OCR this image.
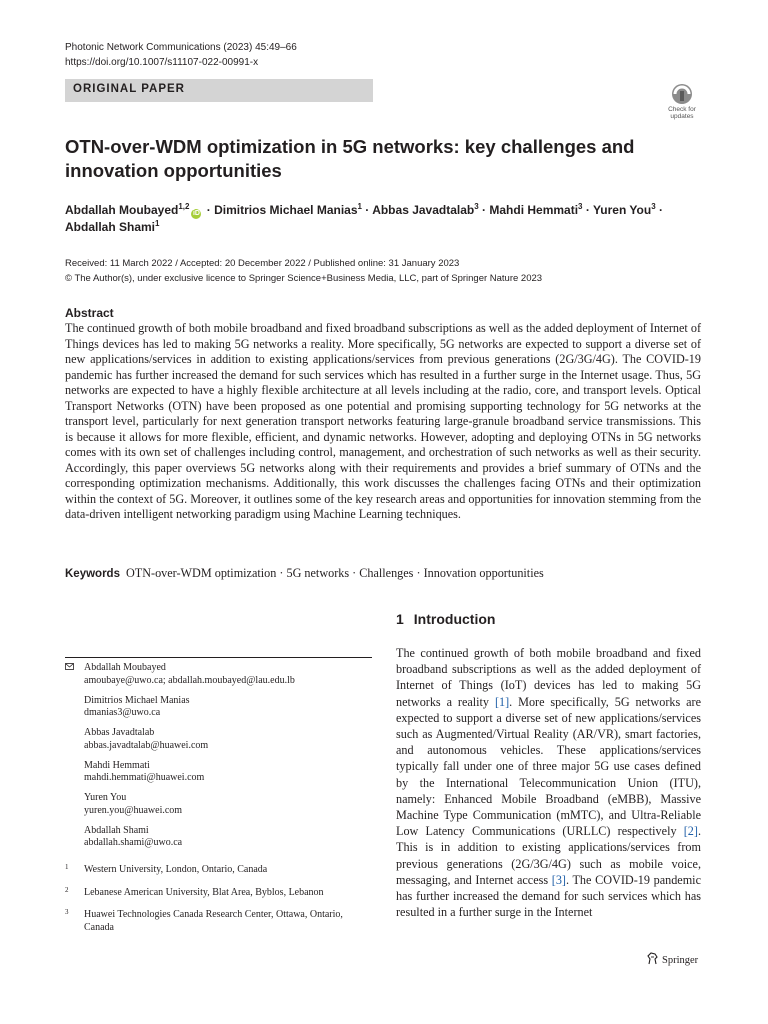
Photonic Network Communications (2023) 45:49–66
https://doi.org/10.1007/s11107-022-00991-x
ORIGINAL PAPER
Check for
updates
OTN-over-WDM optimization in 5G networks: key challenges and innovation opportunities
Abdallah Moubayed$^{1,2}$iD · Dimitrios Michael Manias$^1$ · Abbas Javadtalab$^3$ · Mahdi Hemmati$^3$ · Yuren You$^3$ · Abdallah Shami$^1$
Received: 11 March 2022 / Accepted: 20 December 2022 / Published online: 31 January 2023
© The Author(s), under exclusive licence to Springer Science+Business Media, LLC, part of Springer Nature 2023
Abstract
The continued growth of both mobile broadband and fixed broadband subscriptions as well as the added deployment of Internet of Things devices has led to making 5G networks a reality. More specifically, 5G networks are expected to support a diverse set of new applications/services in addition to existing applications/services from previous generations (2G/3G/4G). The COVID-19 pandemic has further increased the demand for such services which has resulted in a further surge in the Internet usage. Thus, 5G networks are expected to have a highly flexible architecture at all levels including at the radio, core, and transport levels. Optical Transport Networks (OTN) have been proposed as one potential and promising supporting technology for 5G networks at the transport level, particularly for next generation transport networks featuring large-granule broadband service transmissions. This is because it allows for more flexible, efficient, and dynamic networks. However, adopting and deploying OTNs in 5G networks comes with its own set of challenges including control, management, and orchestration of such networks as well as their security. Accordingly, this paper overviews 5G networks along with their requirements and provides a brief summary of OTNs and the corresponding optimization mechanisms. Additionally, this work discusses the challenges facing OTNs and their optimization within the context of 5G. Moreover, it outlines some of the key research areas and opportunities for innovation stemming from the data-driven intelligent networking paradigm using Machine Learning techniques.
Keywords OTN-over-WDM optimization · 5G networks · Challenges · Innovation opportunities
Abdallah Moubayed
amoubaye@uwo.ca; abdallah.moubayed@lau.edu.lb
Dimitrios Michael Manias
dmanias3@uwo.ca
Abbas Javadtalab
abbas.javadtalab@huawei.com
Mahdi Hemmati
mahdi.hemmati@huawei.com
Yuren You
yuren.you@huawei.com
Abdallah Shami
abdallah.shami@uwo.ca
1 Western University, London, Ontario, Canada
2 Lebanese American University, Blat Area, Byblos, Lebanon
3 Huawei Technologies Canada Research Center, Ottawa, Ontario, Canada
1 Introduction
The continued growth of both mobile broadband and fixed broadband subscriptions as well as the added deployment of Internet of Things (IoT) devices has led to making 5G networks a reality [1]. More specifically, 5G networks are expected to support a diverse set of new applications/services such as Augmented/Virtual Reality (AR/VR), smart factories, and autonomous vehicles. These applications/services typically fall under one of three major 5G use cases defined by the International Telecommunication Union (ITU), namely: Enhanced Mobile Broadband (eMBB), Massive Machine Type Communication (mMTC), and Ultra-Reliable Low Latency Communications (URLLC) respectively [2]. This is in addition to existing applications/services from previous generations (2G/3G/4G) such as mobile voice, messaging, and Internet access [3]. The COVID-19 pandemic has further increased the demand for such services which has resulted in a further surge in the Internet
Springer
